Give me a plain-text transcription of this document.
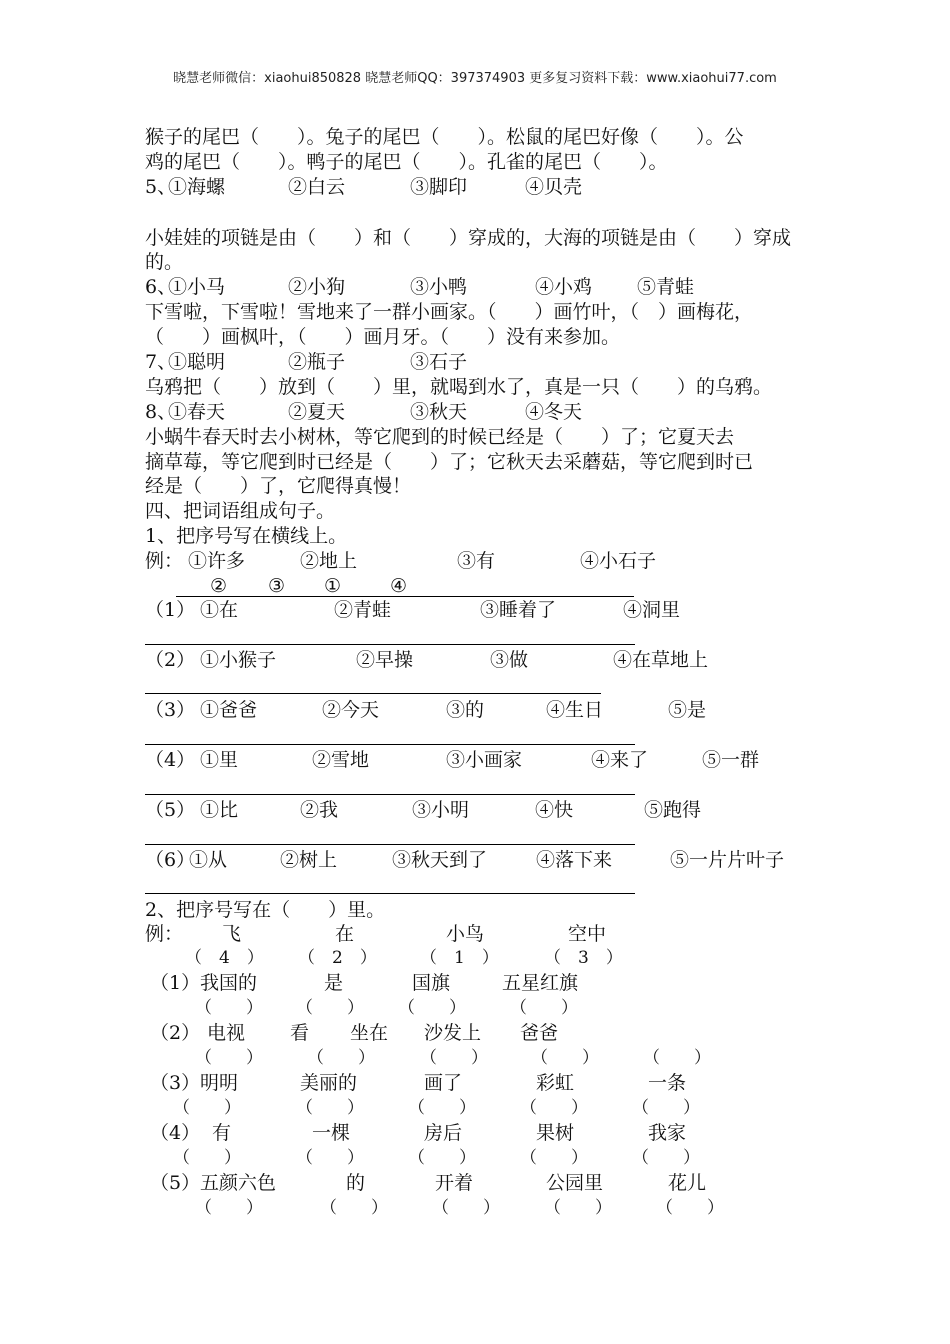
晓慧老师微信：xiaohui850828 晓慧老师QQ：397374903 更多复习资料下载：www.xiaohui77.com
猴子的尾巴（　　）。兔子的尾巴（　　）。松鼠的尾巴好像（　　）。公
鸡的尾巴（　　）。鸭子的尾巴（　　）。孔雀的尾巴（　　）。
5、
①海螺	②白云	③脚印	④贝壳
小娃娃的项链是由（　　）和（　　）穿成的，大海的项链是由（　　）穿成
的。
6、
①小马	②小狗	③小鸭	④小鸡 ⑤青蛙
下雪啦，下雪啦！雪地来了一群小画家。（　　）画竹叶，（　）画梅花，
（　　）画枫叶，（　　）画月牙。（　　）没有来参加。
7、
①聪明	②瓶子	③石子
乌鸦把（　　）放到（　　）里，就喝到水了，真是一只（　　）的乌鸦。
8、
①春天	②夏天	③秋天	④冬天
小蜗牛春天时去小树林，等它爬到的时候已经是（　　）了；它夏天去
摘草莓，等它爬到时已经是（　　）了；它秋天去采蘑菇，等它爬到时已
经是（　　）了，它爬得真慢！
四、把词语组成句子。
1、把序号写在横线上。
例： ①许多	②地上	③有	④小石子
② ③ ①	④
（1） ①在	②青蛙	③睡着了	④洞里
（2） ①小猴子	②早操	③做	④在草地上
（3） ①爸爸	②今天	③的	④生日	⑤是
（4） ①里	②雪地	③小画家	④来了	⑤一群
（5） ①比	②我	③小明	④快	⑤跑得
（6）
①从	②树上	③秋天到了	④落下来	⑤一片片叶子
2、把序号写在（　　）里。
例： 飞	在	小鸟	空中
（　4　） （　2　）	（　1　）	（　3　）
（1） 我国的	是	国旗	五星红旗
（　　） （　　） （　　）	（　　）
（2） 电视 看 坐在 沙发上 爸爸
（　　）	（　　）	（　　）	（　　）	（　　）
（3） 明明	美丽的	画了	彩虹	一条
（　　）	（　　）	（　　）	（　　）	（　　）
（4） 有	一棵	房后	果树	我家
（　　）	（　　）	（　　）	（　　）	（　　）
（5） 五颜六色	的	开着	公园里	花儿
（　　）	（　　）	（　　）	（　　）	（　　）
